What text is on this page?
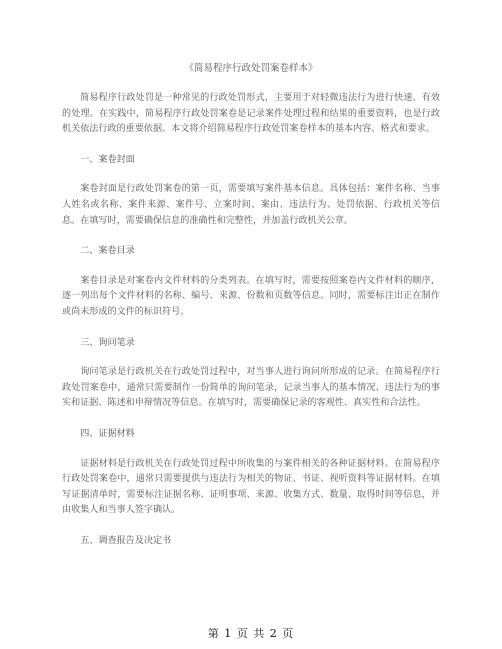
《简易程序行政处罚案卷样本》

简易程序行政处罚是一种常见的行政处罚形式，主要用于对轻微违法行为进行快速、有效的处理。在实践中，简易程序行政处罚案卷是记录案件处理过程和结果的重要资料，也是行政机关依法行政的重要依据。本文将介绍简易程序行政处罚案卷样本的基本内容、格式和要求。

一、案卷封面

案卷封面是行政处罚案卷的第一页，需要填写案件基本信息。具体包括：案件名称、当事人姓名或名称、案件来源、案件号、立案时间、案由、违法行为、处罚依据、行政机关等信息。在填写时，需要确保信息的准确性和完整性，并加盖行政机关公章。

二、案卷目录

案卷目录是对案卷内文件材料的分类列表。在填写时，需要按照案卷内文件材料的顺序，逐一列出每个文件材料的名称、编号、来源、份数和页数等信息。同时，需要标注出正在制作或尚未形成的文件的标识符号。

三、询问笔录

询问笔录是行政机关在行政处罚过程中，对当事人进行询问所形成的记录。在简易程序行政处罚案卷中，通常只需要制作一份简单的询问笔录，记录当事人的基本情况、违法行为的事实和证据、陈述和申辩情况等信息。在填写时，需要确保记录的客观性、真实性和合法性。

四、证据材料

证据材料是行政机关在行政处罚过程中所收集的与案件相关的各种证据材料。在简易程序行政处罚案卷中，通常只需要提供与违法行为相关的物证、书证、视听资料等证据材料。在填写证据清单时，需要标注证据名称、证明事项、来源、收集方式、数量、取得时间等信息，并由收集人和当事人签字确认。

五、调查报告及决定书

第 1 页 共 2 页
